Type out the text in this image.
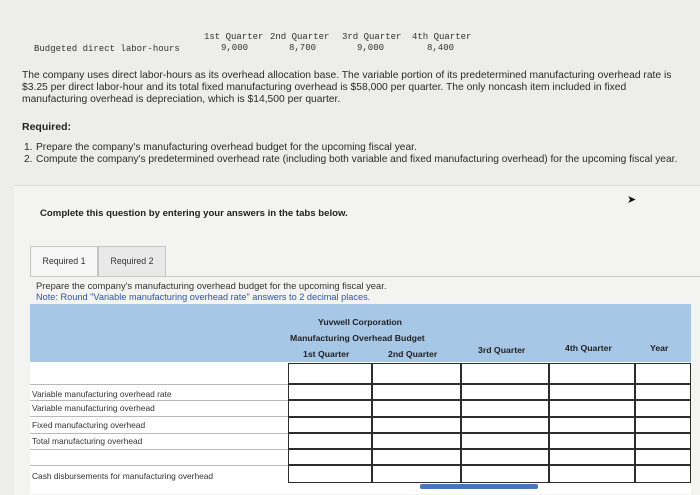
1st Quarter 2nd Quarter 3rd Quarter 4th Quarter
Budgeted direct labor-hours	9,000	8,700	9,000	8,400
The company uses direct labor-hours as its overhead allocation base. The variable portion of its predetermined manufacturing overhead rate is $3.25 per direct labor-hour and its total fixed manufacturing overhead is $58,000 per quarter. The only noncash item included in fixed manufacturing overhead is depreciation, which is $14,500 per quarter.
Required:
1. Prepare the company's manufacturing overhead budget for the upcoming fiscal year.
2. Compute the company's predetermined overhead rate (including both variable and fixed manufacturing overhead) for the upcoming fiscal year.
➤
Complete this question by entering your answers in the tabs below.
Required 1	Required 2
Prepare the company's manufacturing overhead budget for the upcoming fiscal year.
Note: Round "Variable manufacturing overhead rate" answers to 2 decimal places.
Yuvwell Corporation
Manufacturing Overhead Budget
1st Quarter	2nd Quarter	3rd Quarter	4th Quarter	Year
Variable manufacturing overhead rate
Variable manufacturing overhead
Fixed manufacturing overhead
Total manufacturing overhead
Cash disbursements for manufacturing overhead
